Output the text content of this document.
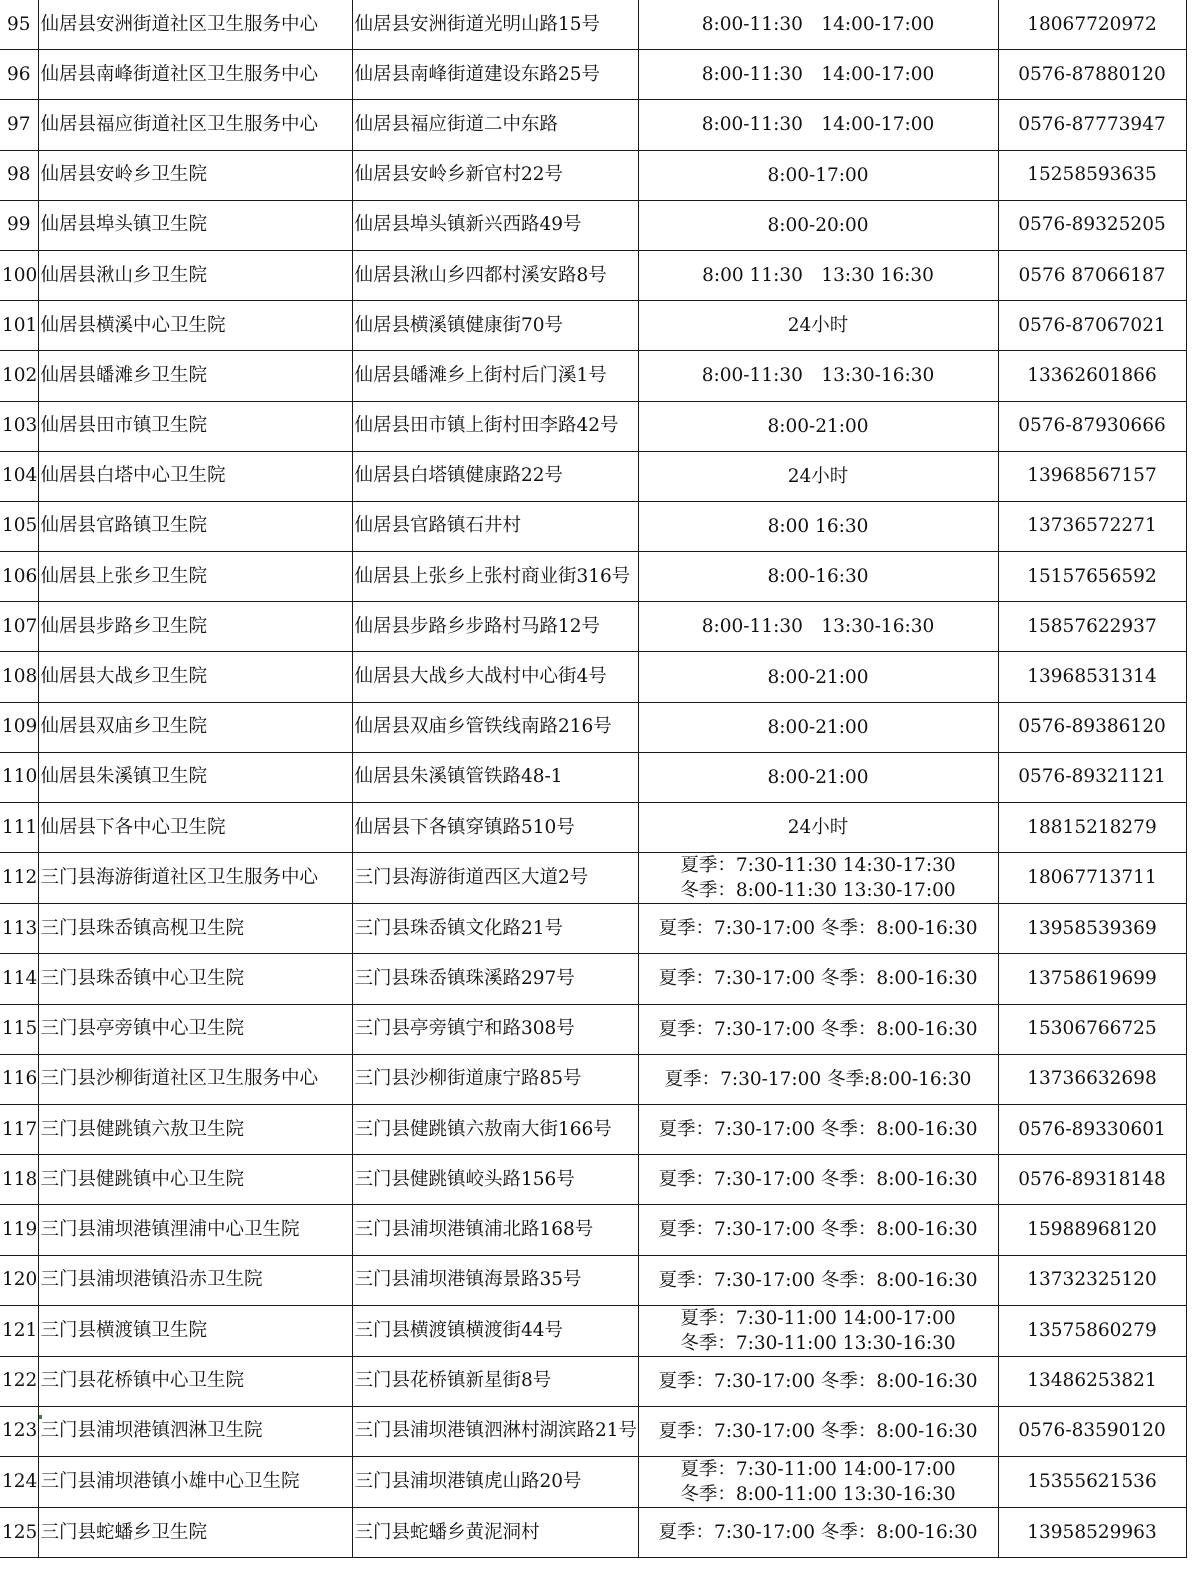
95	仙居县安洲街道社区卫生服务中心	仙居县安洲街道光明山路15号	8:00-11:30　14:00-17:00	18067720972
96	仙居县南峰街道社区卫生服务中心	仙居县南峰街道建设东路25号	8:00-11:30　14:00-17:00	0576-87880120
97	仙居县福应街道社区卫生服务中心	仙居县福应街道二中东路	8:00-11:30　14:00-17:00	0576-87773947
98	仙居县安岭乡卫生院	仙居县安岭乡新官村22号	8:00-17:00	15258593635
99	仙居县埠头镇卫生院	仙居县埠头镇新兴西路49号	8:00-20:00	0576-89325205
100	仙居县湫山乡卫生院	仙居县湫山乡四都村溪安路8号	8:00 11:30　13:30 16:30	0576 87066187
101	仙居县横溪中心卫生院	仙居县横溪镇健康街70号	24小时	0576-87067021
102	仙居县皤滩乡卫生院	仙居县皤滩乡上街村后门溪1号	8:00-11:30　13:30-16:30	13362601866
103	仙居县田市镇卫生院	仙居县田市镇上街村田李路42号	8:00-21:00	0576-87930666
104	仙居县白塔中心卫生院	仙居县白塔镇健康路22号	24小时	13968567157
105	仙居县官路镇卫生院	仙居县官路镇石井村	8:00 16:30	13736572271
106	仙居县上张乡卫生院	仙居县上张乡上张村商业街316号	8:00-16:30	15157656592
107	仙居县步路乡卫生院	仙居县步路乡步路村马路12号	8:00-11:30　13:30-16:30	15857622937
108	仙居县大战乡卫生院	仙居县大战乡大战村中心街4号	8:00-21:00	13968531314
109	仙居县双庙乡卫生院	仙居县双庙乡管铁线南路216号	8:00-21:00	0576-89386120
110	仙居县朱溪镇卫生院	仙居县朱溪镇管铁路48-1	8:00-21:00	0576-89321121
111	仙居县下各中心卫生院	仙居县下各镇穿镇路510号	24小时	18815218279
112	三门县海游街道社区卫生服务中心	三门县海游街道西区大道2号	夏季：7:30-11:30 14:30-17:30
冬季：8:00-11:30 13:30-17:00	18067713711
113	三门县珠岙镇高枧卫生院	三门县珠岙镇文化路21号	夏季：7:30-17:00 冬季：8:00-16:30	13958539369
114	三门县珠岙镇中心卫生院	三门县珠岙镇珠溪路297号	夏季：7:30-17:00 冬季：8:00-16:30	13758619699
115	三门县亭旁镇中心卫生院	三门县亭旁镇宁和路308号	夏季：7:30-17:00 冬季：8:00-16:30	15306766725
116	三门县沙柳街道社区卫生服务中心	三门县沙柳街道康宁路85号	夏季：7:30-17:00 冬季:8:00-16:30	13736632698
117	三门县健跳镇六敖卫生院	三门县健跳镇六敖南大街166号	夏季：7:30-17:00 冬季：8:00-16:30	0576-89330601
118	三门县健跳镇中心卫生院	三门县健跳镇峧头路156号	夏季：7:30-17:00 冬季：8:00-16:30	0576-89318148
119	三门县浦坝港镇浬浦中心卫生院	三门县浦坝港镇浦北路168号	夏季：7:30-17:00 冬季：8:00-16:30	15988968120
120	三门县浦坝港镇沿赤卫生院	三门县浦坝港镇海景路35号	夏季：7:30-17:00 冬季：8:00-16:30	13732325120
121	三门县横渡镇卫生院	三门县横渡镇横渡街44号	夏季：7:30-11:00 14:00-17:00
冬季：7:30-11:00 13:30-16:30	13575860279
122	三门县花桥镇中心卫生院	三门县花桥镇新星街8号	夏季：7:30-17:00 冬季：8:00-16:30	13486253821
123	三门县浦坝港镇泗淋卫生院	三门县浦坝港镇泗淋村湖滨路21号	夏季：7:30-17:00 冬季：8:00-16:30	0576-83590120
124	三门县浦坝港镇小雄中心卫生院	三门县浦坝港镇虎山路20号	夏季：7:30-11:00 14:00-17:00
冬季：8:00-11:00 13:30-16:30	15355621536
125	三门县蛇蟠乡卫生院	三门县蛇蟠乡黄泥洞村	夏季：7:30-17:00 冬季：8:00-16:30	13958529963
